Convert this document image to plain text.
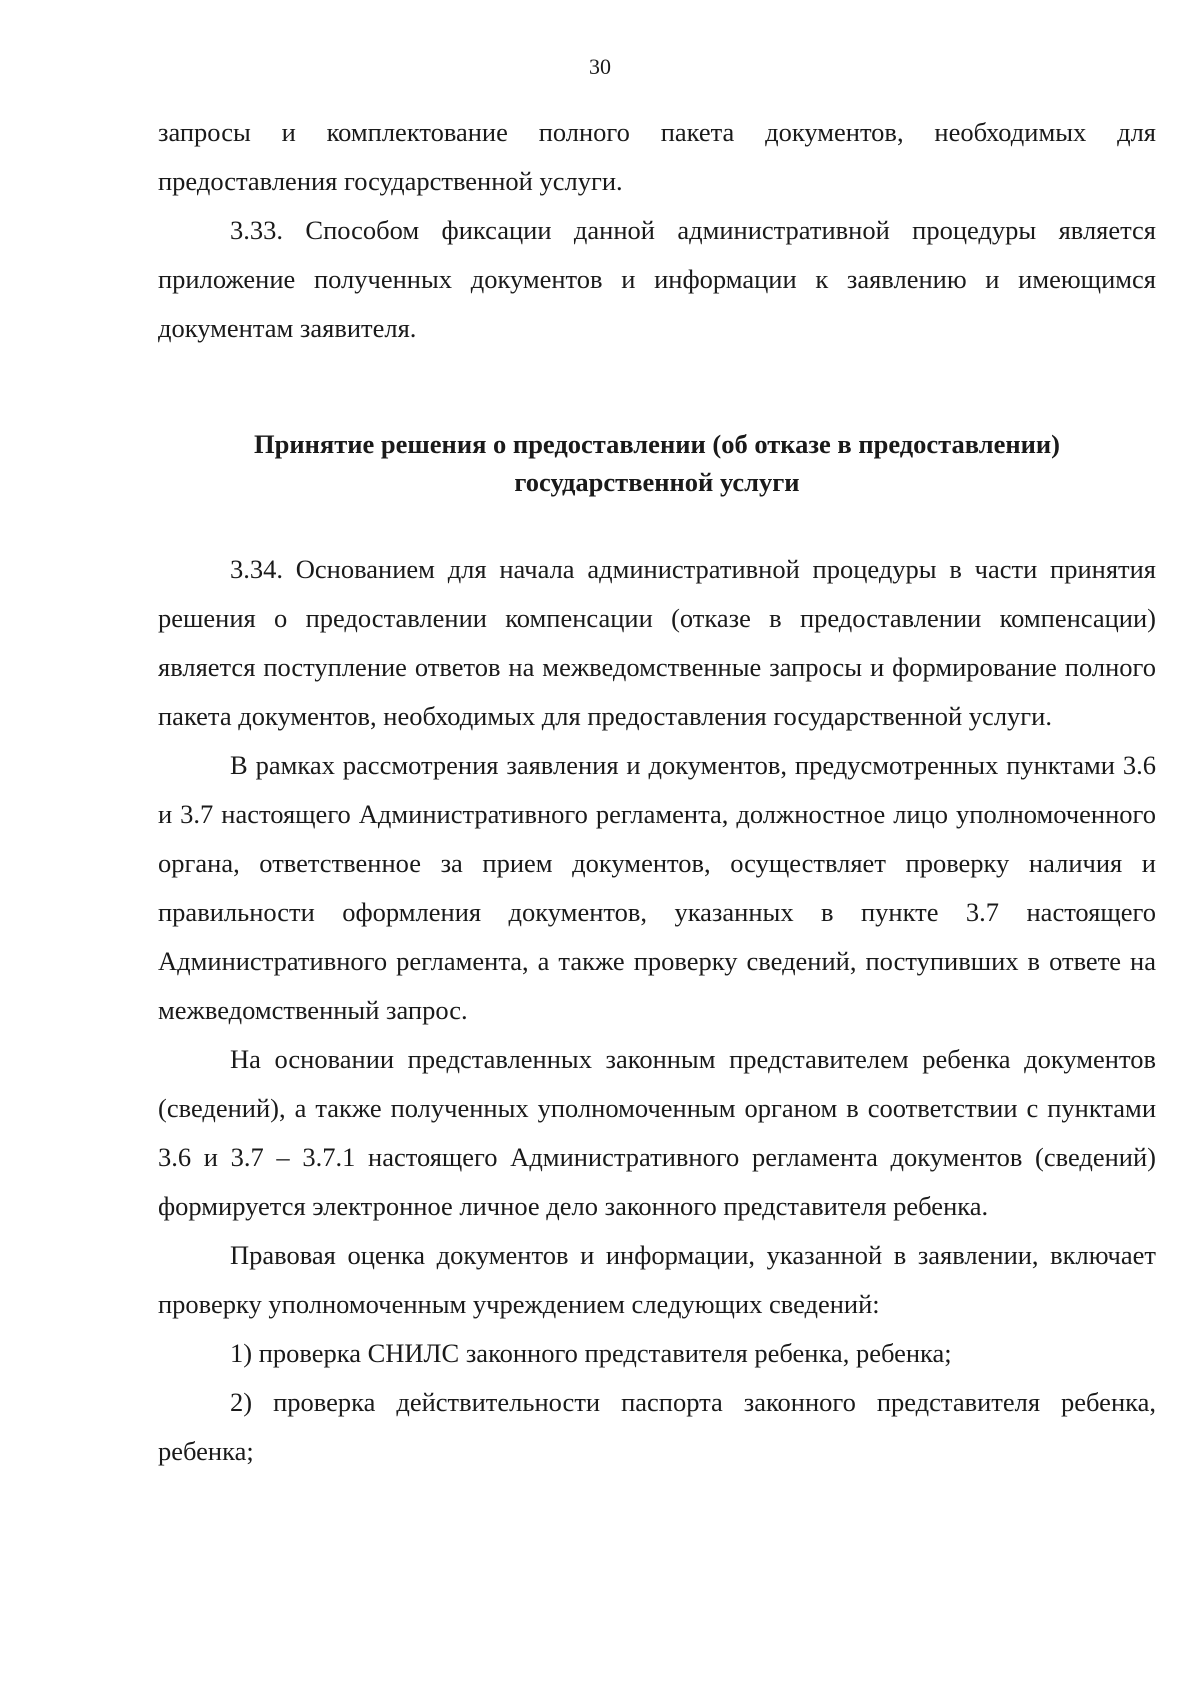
30

запросы и комплектование полного пакета документов, необходимых для предоставления государственной услуги.

3.33. Способом фиксации данной административной процедуры является приложение полученных документов и информации к заявлению и имеющимся документам заявителя.

Принятие решения о предоставлении (об отказе в предоставлении)
государственной услуги

3.34. Основанием для начала административной процедуры в части принятия решения о предоставлении компенсации (отказе в предоставлении компенсации) является поступление ответов на межведомственные запросы и формирование полного пакета документов, необходимых для предоставления государственной услуги.

В рамках рассмотрения заявления и документов, предусмотренных пунктами 3.6 и 3.7 настоящего Административного регламента, должностное лицо уполномоченного органа, ответственное за прием документов, осуществляет проверку наличия и правильности оформления документов, указанных в пункте 3.7 настоящего Административного регламента, а также проверку сведений, поступивших в ответе на межведомственный запрос.

На основании представленных законным представителем ребенка документов (сведений), а также полученных уполномоченным органом в соответствии с пунктами 3.6 и 3.7 – 3.7.1 настоящего Административного регламента документов (сведений) формируется электронное личное дело законного представителя ребенка.

Правовая оценка документов и информации, указанной в заявлении, включает проверку уполномоченным учреждением следующих сведений:

1) проверка СНИЛС законного представителя ребенка, ребенка;

2) проверка действительности паспорта законного представителя ребенка, ребенка;
